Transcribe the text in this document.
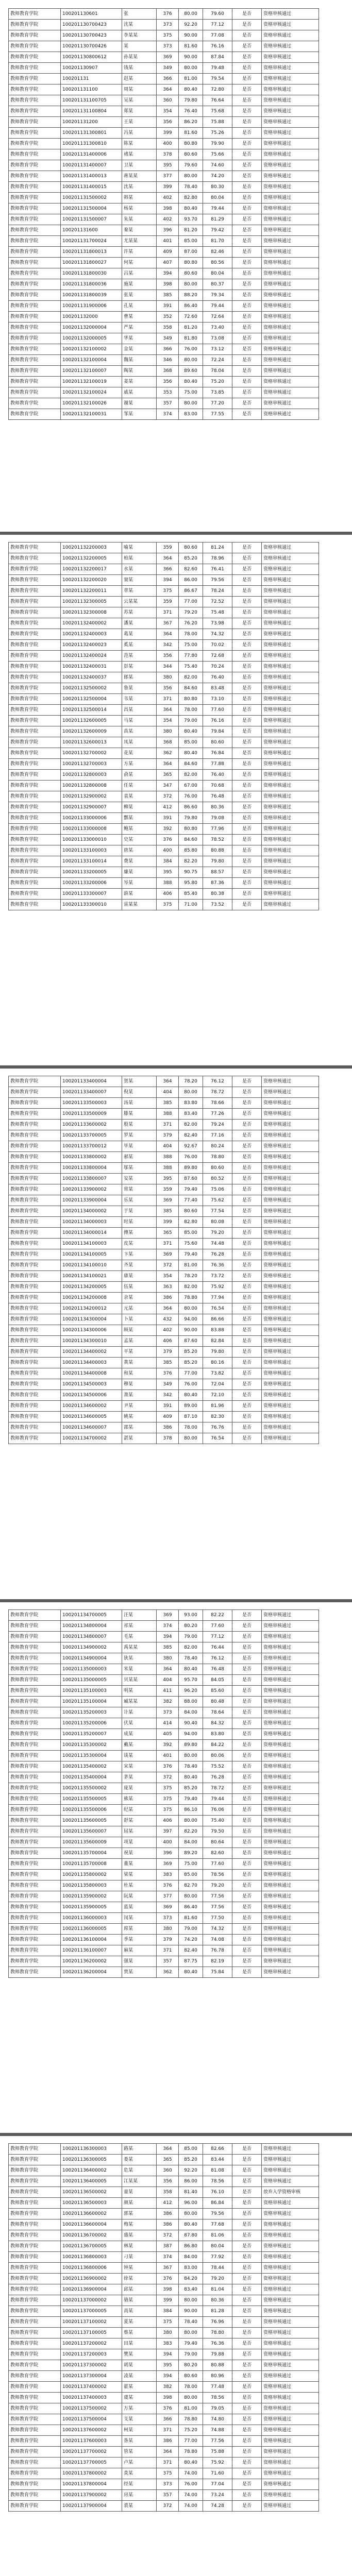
教师教育学院	100201130601	张	376	80.00	79.60	是否	资格审核通过
教师教育学院	100201130700423	沈某	373	92.20	77.12	是否	资格审核通过
教师教育学院	100201130700423	李某某	375	90.00	77.08	是否	资格审核通过
教师教育学院	100201130700426	某	373	81.60	76.16	是否	资格审核通过
教师教育学院	100201130800612	孙某某	369	90.00	87.84	是否	资格审核通过
教师教育学院	100201130907	钱某	349	80.00	79.48	是否	资格审核通过
教师教育学院	100201131	赵某	366	81.00	79.54	是否	资格审核通过
教师教育学院	100201131100	周某	364	80.40	72.80	是否	资格审核通过
教师教育学院	100201131100705	吴某	360	79.80	76.64	是否	资格审核通过
教师教育学院	100201131100804	郑某	354	76.40	75.68	是否	资格审核通过
教师教育学院	100201131200	王某	356	86.20	75.88	是否	资格审核通过
教师教育学院	100201131300801	冯某	399	81.60	75.26	是否	资格审核通过
教师教育学院	100201131300810	陈某	400	80.80	79.90	是否	资格审核通过
教师教育学院	100201131400006	褚某	378	80.60	75.66	是否	资格审核通过
教师教育学院	100201131400007	卫某	395	79.60	74.60	是否	资格审核通过
教师教育学院	100201131400013	蒋某某	377	80.00	74.20	是否	资格审核通过
教师教育学院	100201131400015	沈某	399	78.40	80.30	是否	资格审核通过
教师教育学院	100201131500002	韩某	402	82.80	80.04	是否	资格审核通过
教师教育学院	100201131500004	杨某	398	80.40	79.44	是否	资格审核通过
教师教育学院	100201131500007	朱某	402	93.70	81.29	是否	资格审核通过
教师教育学院	100201131600	秦某	396	81.20	79.42	是否	资格审核通过
教师教育学院	100201131700024	尤某某	401	85.00	81.70	是否	资格审核通过
教师教育学院	100201131800013	许某	409	87.00	82.46	是否	资格审核通过
教师教育学院	100201131800027	何某	407	80.80	80.56	是否	资格审核通过
教师教育学院	100201131800030	吕某	394	80.60	80.04	是否	资格审核通过
教师教育学院	100201131800036	施某	398	80.00	80.37	是否	资格审核通过
教师教育学院	100201131800039	张某	385	88.20	79.34	是否	资格审核通过
教师教育学院	100201131900006	孔某	391	86.40	79.44	是否	资格审核通过
教师教育学院	100201132000	曹某	352	72.60	72.64	是否	资格审核通过
教师教育学院	100201132000004	严某	358	81.20	73.40	是否	资格审核通过
教师教育学院	100201132000005	华某	349	81.80	73.08	是否	资格审核通过
教师教育学院	100201132100002	金某	366	76.00	73.12	是否	资格审核通过
教师教育学院	100201132100004	魏某	346	80.00	72.24	是否	资格审核通过
教师教育学院	100201132100007	陶某	368	89.60	78.04	是否	资格审核通过
教师教育学院	100201132100019	姜某	356	80.40	75.20	是否	资格审核通过
教师教育学院	100201132100024	戚某	353	75.00	73.85	是否	资格审核通过
教师教育学院	100201132100026	谢某	357	80.00	77.20	是否	资格审核通过
教师教育学院	100201132100031	邹某	374	83.00	77.55	是否	资格审核通过
教师教育学院	100201132200003	喻某	359	80.60	81.24	是否	资格审核通过
教师教育学院	100201132200005	柏某	364	85.20	78.96	是否	资格审核通过
教师教育学院	100201132200017	水某	366	82.60	76.41	是否	资格审核通过
教师教育学院	100201132200020	窦某	394	86.00	79.56	是否	资格审核通过
教师教育学院	100201132200011	章某	375	86.67	78.24	是否	资格审核通过
教师教育学院	100201132300005	云某某	359	77.00	72.52	是否	资格审核通过
教师教育学院	100201132300008	苏某	371	79.20	75.48	是否	资格审核通过
教师教育学院	100201132400002	潘某	367	76.20	73.98	是否	资格审核通过
教师教育学院	100201132400003	葛某	364	78.00	74.32	是否	资格审核通过
教师教育学院	100201132400023	奚某	342	75.00	70.02	是否	资格审核通过
教师教育学院	100201132400024	范某	356	77.80	72.68	是否	资格审核通过
教师教育学院	100201132400031	彭某	344	75.40	70.24	是否	资格审核通过
教师教育学院	100201132400037	郎某	380	82.00	76.40	是否	资格审核通过
教师教育学院	100201132500002	鲁某	356	84.60	83.48	是否	资格审核通过
教师教育学院	100201132500004	韦某	371	80.80	73.10	是否	资格审核通过
教师教育学院	100201132500014	昌某	364	78.00	77.60	是否	资格审核通过
教师教育学院	100201132600005	马某	354	79.00	76.16	是否	资格审核通过
教师教育学院	100201132600009	苗某	380	80.40	79.84	是否	资格审核通过
教师教育学院	100201132600013	凤某	368	85.00	80.60	是否	资格审核通过
教师教育学院	100201132700002	花某	362	80.40	76.84	是否	资格审核通过
教师教育学院	100201132700003	方某	364	84.60	77.88	是否	资格审核通过
教师教育学院	100201132800003	俞某	365	82.00	76.40	是否	资格审核通过
教师教育学院	100201132800008	任某	347	67.00	70.68	是否	资格审核通过
教师教育学院	100201132900002	袁某	372	76.00	76.48	是否	资格审核通过
教师教育学院	100201132900007	柳某	412	86.60	80.36	是否	资格审核通过
教师教育学院	100201133000006	酆某	391	79.80	79.08	是否	资格审核通过
教师教育学院	100201133000008	鲍某	392	80.80	77.96	是否	资格审核通过
教师教育学院	100201133000010	史某	376	84.60	78.52	是否	资格审核通过
教师教育学院	100201133100003	唐某	400	85.80	80.88	是否	资格审核通过
教师教育学院	100201133100014	费某	384	82.20	79.80	是否	资格审核通过
教师教育学院	100201133200005	廉某	395	90.75	88.57	是否	资格审核通过
教师教育学院	100201133200006	岑某	388	95.80	87.36	是否	资格审核通过
教师教育学院	100201133300007	薛某	406	85.40	80.38	是否	资格审核通过
教师教育学院	100201133300010	雷某某	375	71.00	73.52	是否	资格审核通过
教师教育学院	100201133400004	贺某	364	78.20	76.12	是否	资格审核通过
教师教育学院	100201133400007	倪某	404	80.00	78.72	是否	资格审核通过
教师教育学院	100201133500003	汤某	385	83.80	78.66	是否	资格审核通过
教师教育学院	100201133500009	滕某	388	83.40	77.26	是否	资格审核通过
教师教育学院	100201133600002	殷某	371	82.00	79.24	是否	资格审核通过
教师教育学院	100201133700005	罗某	379	82.40	77.16	是否	资格审核通过
教师教育学院	100201133700012	毕某	404	92.67	80.24	是否	资格审核通过
教师教育学院	100201133800002	郝某	388	76.00	78.80	是否	资格审核通过
教师教育学院	100201133800004	邬某	388	89.80	80.60	是否	资格审核通过
教师教育学院	100201133800007	安某	395	87.60	80.52	是否	资格审核通过
教师教育学院	100201133900002	常某	359	79.40	75.06	是否	资格审核通过
教师教育学院	100201133900004	乐某	369	77.40	75.62	是否	资格审核通过
教师教育学院	100201134000002	于某	385	80.60	77.54	是否	资格审核通过
教师教育学院	100201134000003	时某	399	82.80	80.08	是否	资格审核通过
教师教育学院	100201134000014	傅某	365	85.00	79.20	是否	资格审核通过
教师教育学院	100201134100003	皮某	371	75.60	74.48	是否	资格审核通过
教师教育学院	100201134100005	卞某	369	79.40	76.28	是否	资格审核通过
教师教育学院	100201134100010	齐某	372	81.00	76.36	是否	资格审核通过
教师教育学院	100201134100021	康某	354	78.20	73.72	是否	资格审核通过
教师教育学院	100201134200005	伍某	363	82.00	75.92	是否	资格审核通过
教师教育学院	100201134200008	余某	386	78.80	77.94	是否	资格审核通过
教师教育学院	100201134200012	元某	364	80.00	76.54	是否	资格审核通过
教师教育学院	100201134300004	卜某	432	94.00	86.66	是否	资格审核通过
教师教育学院	100201134300006	顾某	402	90.00	83.88	是否	资格审核通过
教师教育学院	100201134300010	孟某	406	87.60	82.84	是否	资格审核通过
教师教育学院	100201134400002	平某	379	85.20	79.80	是否	资格审核通过
教师教育学院	100201134400003	黄某	385	85.20	80.16	是否	资格审核通过
教师教育学院	100201134400008	和某	376	77.00	73.82	是否	资格审核通过
教师教育学院	100201134500003	穆某	349	76.00	72.04	是否	资格审核通过
教师教育学院	100201134500006	萧某	342	80.40	72.10	是否	资格审核通过
教师教育学院	100201134600002	尹某	391	89.00	81.96	是否	资格审核通过
教师教育学院	100201134600005	姚某	409	87.10	82.30	是否	资格审核通过
教师教育学院	100201134600007	邵某	386	78.00	76.76	是否	资格审核通过
教师教育学院	100201134700002	湛某	378	80.00	76.54	是否	资格审核通过
教师教育学院	100201134700005	汪某	369	93.00	82.22	是否	资格审核通过
教师教育学院	100201134800004	祁某	374	80.20	77.60	是否	资格审核通过
教师教育学院	100201134800007	毛某	394	79.00	77.12	是否	资格审核通过
教师教育学院	100201134900002	禹某某	385	82.00	76.44	是否	资格审核通过
教师教育学院	100201134900004	狄某	380	78.40	76.12	是否	资格审核通过
教师教育学院	100201135000003	米某	364	80.40	76.48	是否	资格审核通过
教师教育学院	100201135000005	贝某某	404	95.70	84.05	是否	资格审核通过
教师教育学院	100201135100003	明某	411	96.20	85.60	是否	资格审核通过
教师教育学院	100201135100004	臧某某	382	88.00	80.48	是否	资格审核通过
教师教育学院	100201135200003	计某	373	84.00	78.64	是否	资格审核通过
教师教育学院	100201135200006	伏某	414	90.40	84.32	是否	资格审核通过
教师教育学院	100201135200007	成某	405	94.00	83.80	是否	资格审核通过
教师教育学院	100201135300002	戴某	392	89.80	84.22	是否	资格审核通过
教师教育学院	100201135300004	谈某	401	80.00	80.06	是否	资格审核通过
教师教育学院	100201135400002	宋某	376	78.40	75.52	是否	资格审核通过
教师教育学院	100201135400004	茅某	372	80.40	76.28	是否	资格审核通过
教师教育学院	100201135500002	庞某	375	85.20	78.72	是否	资格审核通过
教师教育学院	100201135500005	熊某	375	79.40	79.44	是否	资格审核通过
教师教育学院	100201135500006	纪某	375	86.10	76.06	是否	资格审核通过
教师教育学院	100201135600005	舒某	406	80.00	75.40	是否	资格审核通过
教师教育学院	100201135600007	屈某	397	82.20	79.50	是否	资格审核通过
教师教育学院	100201135600009	项某	400	84.00	80.64	是否	资格审核通过
教师教育学院	100201135700004	祝某	396	89.20	82.60	是否	资格审核通过
教师教育学院	100201135700008	董某	369	75.00	77.60	是否	资格审核通过
教师教育学院	100201135800002	梁某	383	85.00	78.56	是否	资格审核通过
教师教育学院	100201135800003	杜某	376	82.70	79.20	是否	资格审核通过
教师教育学院	100201135900002	阮某	377	80.00	77.56	是否	资格审核通过
教师教育学院	100201135900005	蓝某	369	86.40	77.56	是否	资格审核通过
教师教育学院	100201136000003	闵某	373	81.60	77.50	是否	资格审核通过
教师教育学院	100201136000005	席某	380	79.00	74.32	是否	资格审核通过
教师教育学院	100201136100004	季某	379	74.20	74.08	是否	资格审核通过
教师教育学院	100201136100007	麻某	371	82.40	76.78	是否	资格审核通过
教师教育学院	100201136200002	强某	357	87.75	82.19	是否	资格审核通过
教师教育学院	100201136200004	贾某	362	80.40	75.84	是否	资格审核通过
教师教育学院	100201136300003	路某	364	85.00	82.66	是否	资格审核通过
教师教育学院	100201136300005	娄某	365	85.20	83.44	是否	资格审核通过
教师教育学院	100201136400002	危某	360	92.20	81.08	是否	资格审核通过
教师教育学院	100201136400005	江某某	356	86.00	78.56	是否	资格审核通过
教师教育学院	100201136500002	童某	358	81.40	76.10	是否	放弃入学资格审核
教师教育学院	100201136500003	颜某	412	96.00	86.84	是否	资格审核通过
教师教育学院	100201136600002	郭某	386	80.00	79.56	是否	资格审核通过
教师教育学院	100201136600004	梅某	386	80.40	77.68	是否	资格审核通过
教师教育学院	100201136700002	盛某	372	87.80	81.06	是否	资格审核通过
教师教育学院	100201136700005	林某	387	86.80	80.04	是否	资格审核通过
教师教育学院	100201136800003	刁某	374	84.00	77.92	是否	资格审核通过
教师教育学院	100201136800006	钟某	367	83.00	78.44	是否	资格审核通过
教师教育学院	100201136900002	徐某	376	84.20	79.20	是否	资格审核通过
教师教育学院	100201136900004	邱某	398	83.40	81.04	是否	资格审核通过
教师教育学院	100201137000002	骆某	399	80.00	80.36	是否	资格审核通过
教师教育学院	100201137000005	高某	384	90.00	81.28	是否	资格审核通过
教师教育学院	100201137100002	夏某	375	78.40	76.96	是否	资格审核通过
教师教育学院	100201137100005	蔡某	380	80.00	78.80	是否	资格审核通过
教师教育学院	100201137200002	田某	383	79.40	76.36	是否	资格审核通过
教师教育学院	100201137200003	樊某	394	79.00	79.88	是否	资格审核通过
教师教育学院	100201137300002	胡某	395	80.20	80.88	是否	资格审核通过
教师教育学院	100201137300004	凌某	394	80.60	80.96	是否	资格审核通过
教师教育学院	100201137400002	霍某	382	78.00	77.48	是否	资格审核通过
教师教育学院	100201137400003	虞某	398	80.00	78.56	是否	资格审核通过
教师教育学院	100201137500002	万某	376	81.00	79.05	是否	资格审核通过
教师教育学院	100201137500004	支某	366	78.80	74.80	是否	资格审核通过
教师教育学院	100201137600002	柯某	371	75.20	74.88	是否	资格审核通过
教师教育学院	100201137600003	昝某	386	77.00	77.56	是否	资格审核通过
教师教育学院	100201137700002	管某	364	78.80	75.88	是否	资格审核通过
教师教育学院	100201137700005	卢某	371	80.40	75.92	是否	资格审核通过
教师教育学院	100201137800002	莫某	375	74.00	71.60	是否	资格审核通过
教师教育学院	100201137800004	经某	373	76.00	77.04	是否	资格审核通过
教师教育学院	100201137900002	房某	357	74.00	73.24	是否	资格审核通过
教师教育学院	100201137900004	裘某	372	74.00	74.28	是否	资格审核通过
